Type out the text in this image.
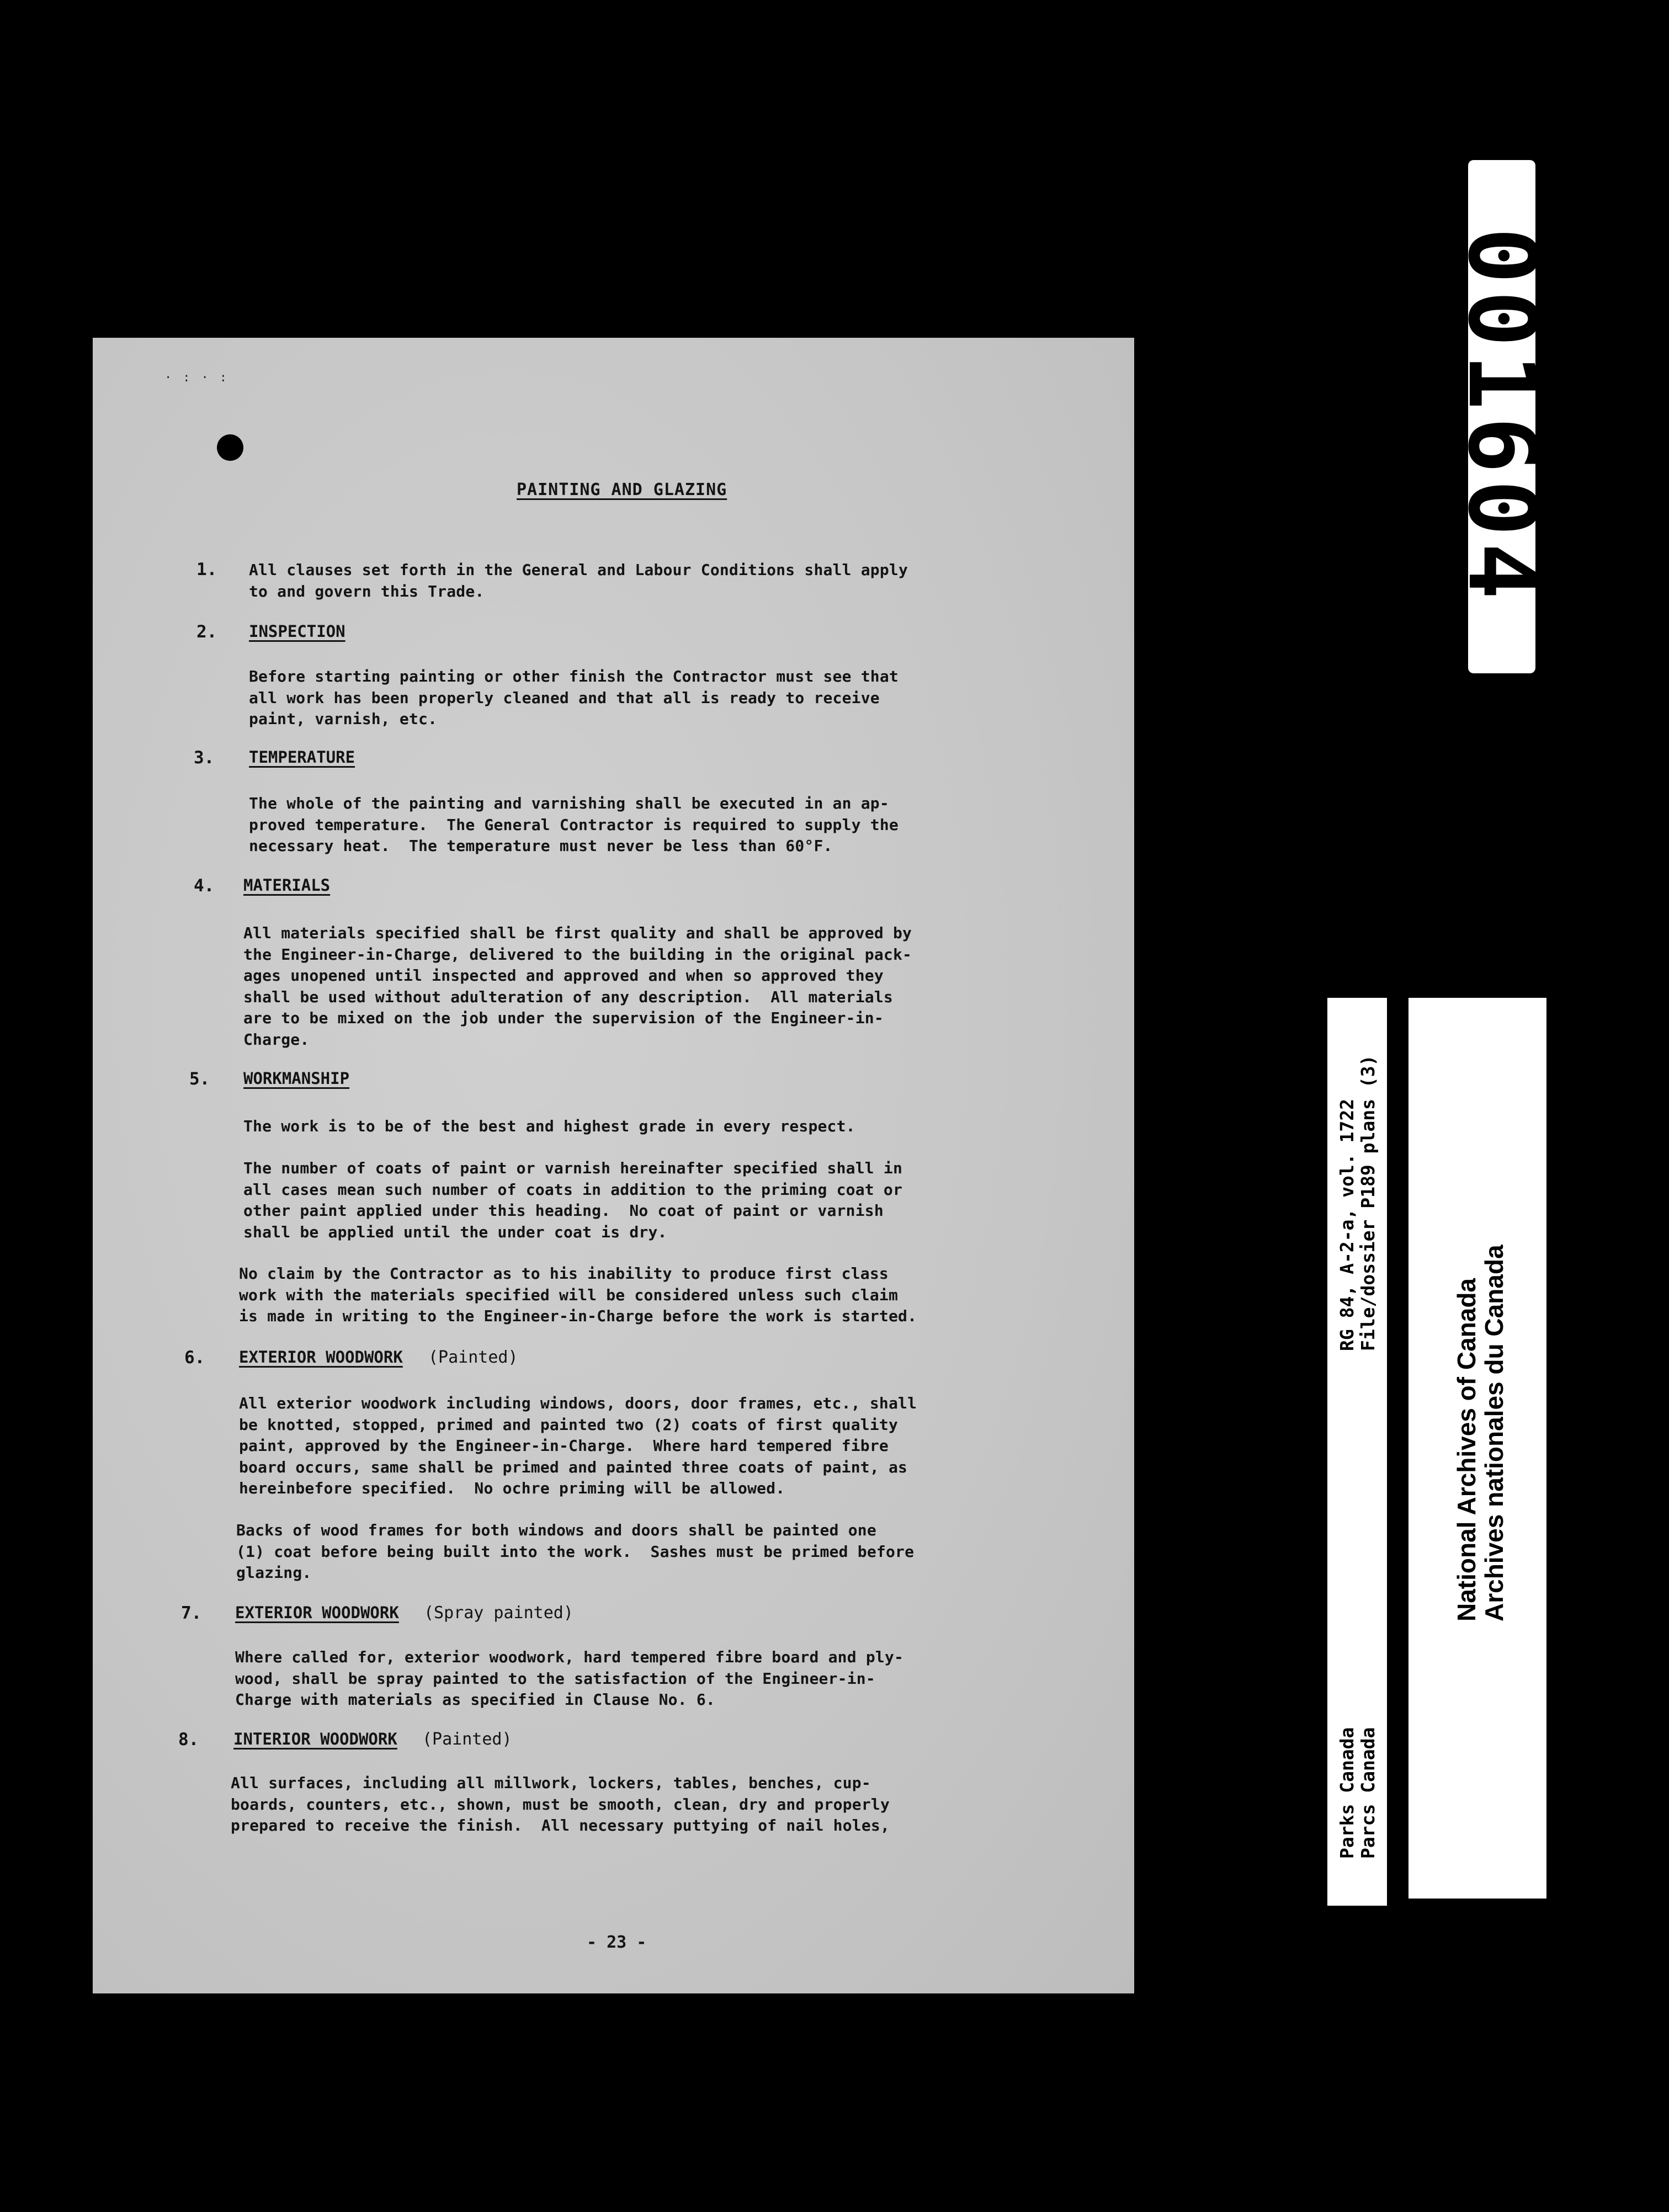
·:·:
PAINTING AND GLAZING
1. All clauses set forth in the General and Labour Conditions shall apply
to and govern this Trade.
2. INSPECTION
Before starting painting or other finish the Contractor must see that
all work has been properly cleaned and that all is ready to receive
paint, varnish, etc.
3. TEMPERATURE
The whole of the painting and varnishing shall be executed in an ap-
proved temperature.  The General Contractor is required to supply the
necessary heat.  The temperature must never be less than 60°F.
4. MATERIALS
All materials specified shall be first quality and shall be approved by
the Engineer-in-Charge, delivered to the building in the original pack-
ages unopened until inspected and approved and when so approved they
shall be used without adulteration of any description.  All materials
are to be mixed on the job under the supervision of the Engineer-in-
Charge.
5. WORKMANSHIP
The work is to be of the best and highest grade in every respect.
The number of coats of paint or varnish hereinafter specified shall in
all cases mean such number of coats in addition to the priming coat or
other paint applied under this heading.  No coat of paint or varnish
shall be applied until the under coat is dry.
No claim by the Contractor as to his inability to produce first class
work with the materials specified will be considered unless such claim
is made in writing to the Engineer-in-Charge before the work is started.
6. EXTERIOR WOODWORK (Painted)
All exterior woodwork including windows, doors, door frames, etc., shall
be knotted, stopped, primed and painted two (2) coats of first quality
paint, approved by the Engineer-in-Charge.  Where hard tempered fibre
board occurs, same shall be primed and painted three coats of paint, as
hereinbefore specified.  No ochre priming will be allowed.
Backs of wood frames for both windows and doors shall be painted one
(1) coat before being built into the work.  Sashes must be primed before
glazing.
7. EXTERIOR WOODWORK (Spray painted)
Where called for, exterior woodwork, hard tempered fibre board and ply-
wood, shall be spray painted to the satisfaction of the Engineer-in-
Charge with materials as specified in Clause No. 6.
8. INTERIOR WOODWORK (Painted)
All surfaces, including all millwork, lockers, tables, benches, cup-
boards, counters, etc., shown, must be smooth, clean, dry and properly
prepared to receive the finish.  All necessary puttying of nail holes,
- 23 -
001604
RG 84, A-2-a, vol. 1722 File/dossier P189 plans (3)
Parks Canada Parcs Canada
National Archives of Canada
Archives nationales du Canada
